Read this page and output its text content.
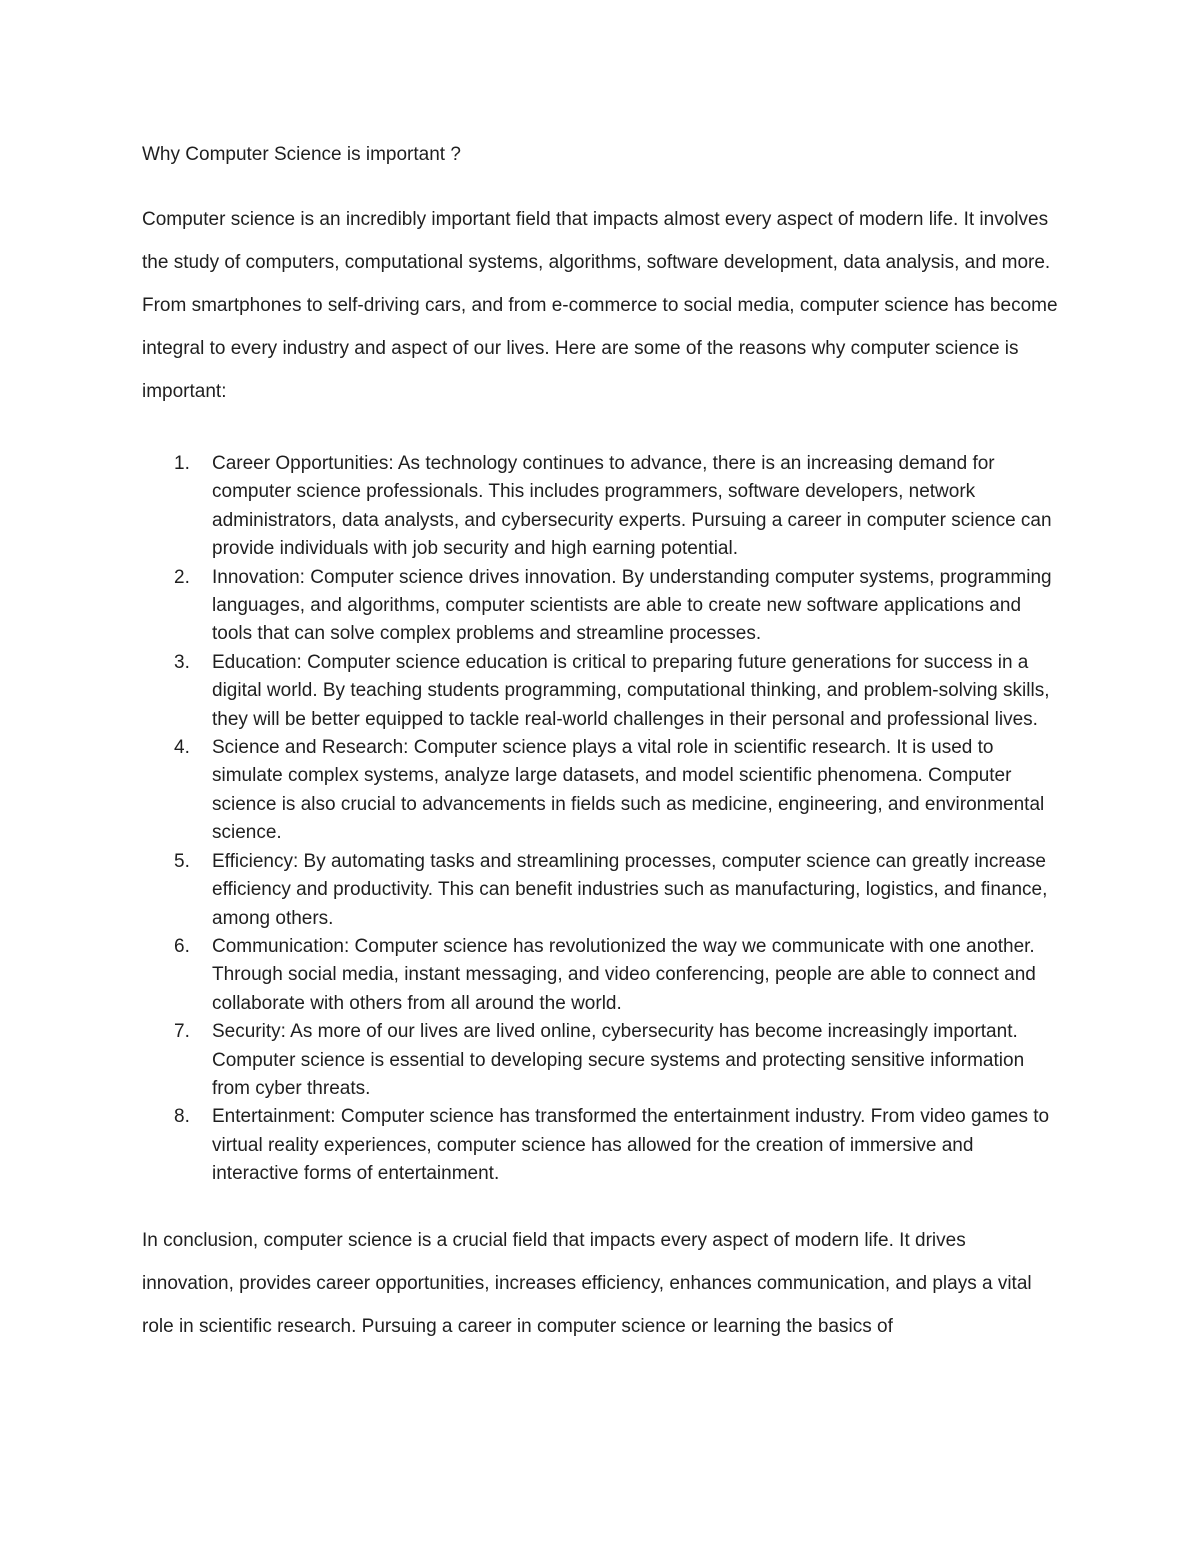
Why Computer Science is important ?

Computer science is an incredibly important field that impacts almost every aspect of modern life. It involves the study of computers, computational systems, algorithms, software development, data analysis, and more. From smartphones to self-driving cars, and from e-commerce to social media, computer science has become integral to every industry and aspect of our lives. Here are some of the reasons why computer science is important:

1.	Career Opportunities: As technology continues to advance, there is an increasing demand for computer science professionals. This includes programmers, software developers, network administrators, data analysts, and cybersecurity experts. Pursuing a career in computer science can provide individuals with job security and high earning potential.
2.	Innovation: Computer science drives innovation. By understanding computer systems, programming languages, and algorithms, computer scientists are able to create new software applications and tools that can solve complex problems and streamline processes.
3.	Education: Computer science education is critical to preparing future generations for success in a digital world. By teaching students programming, computational thinking, and problem-solving skills, they will be better equipped to tackle real-world challenges in their personal and professional lives.
4.	Science and Research: Computer science plays a vital role in scientific research. It is used to simulate complex systems, analyze large datasets, and model scientific phenomena. Computer science is also crucial to advancements in fields such as medicine, engineering, and environmental science.
5.	Efficiency: By automating tasks and streamlining processes, computer science can greatly increase efficiency and productivity. This can benefit industries such as manufacturing, logistics, and finance, among others.
6.	Communication: Computer science has revolutionized the way we communicate with one another. Through social media, instant messaging, and video conferencing, people are able to connect and collaborate with others from all around the world.
7.	Security: As more of our lives are lived online, cybersecurity has become increasingly important. Computer science is essential to developing secure systems and protecting sensitive information from cyber threats.
8.	Entertainment: Computer science has transformed the entertainment industry. From video games to virtual reality experiences, computer science has allowed for the creation of immersive and interactive forms of entertainment.

In conclusion, computer science is a crucial field that impacts every aspect of modern life. It drives innovation, provides career opportunities, increases efficiency, enhances communication, and plays a vital role in scientific research. Pursuing a career in computer science or learning the basics of
